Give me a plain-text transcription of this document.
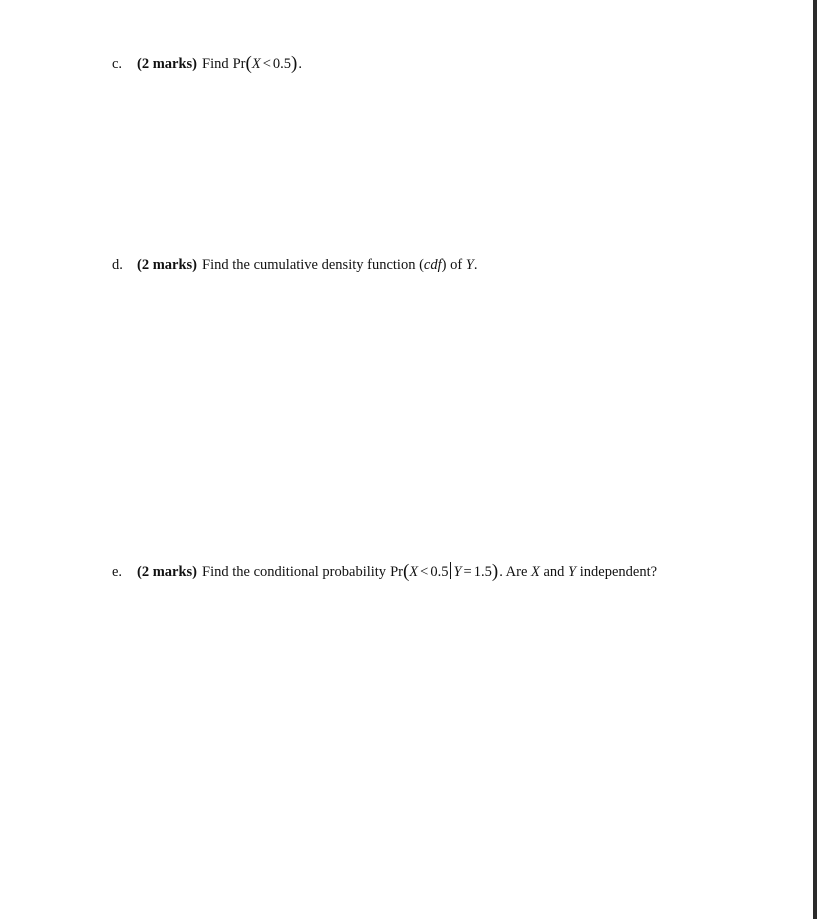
c.	(2 marks) Find Pr(X < 0.5) .
d. (2 marks) Find the cumulative density function (cdf) of Y.
e.	(2 marks) Find the conditional probability Pr(X < 0.5 Y = 1.5) . Are X and Y independent?
